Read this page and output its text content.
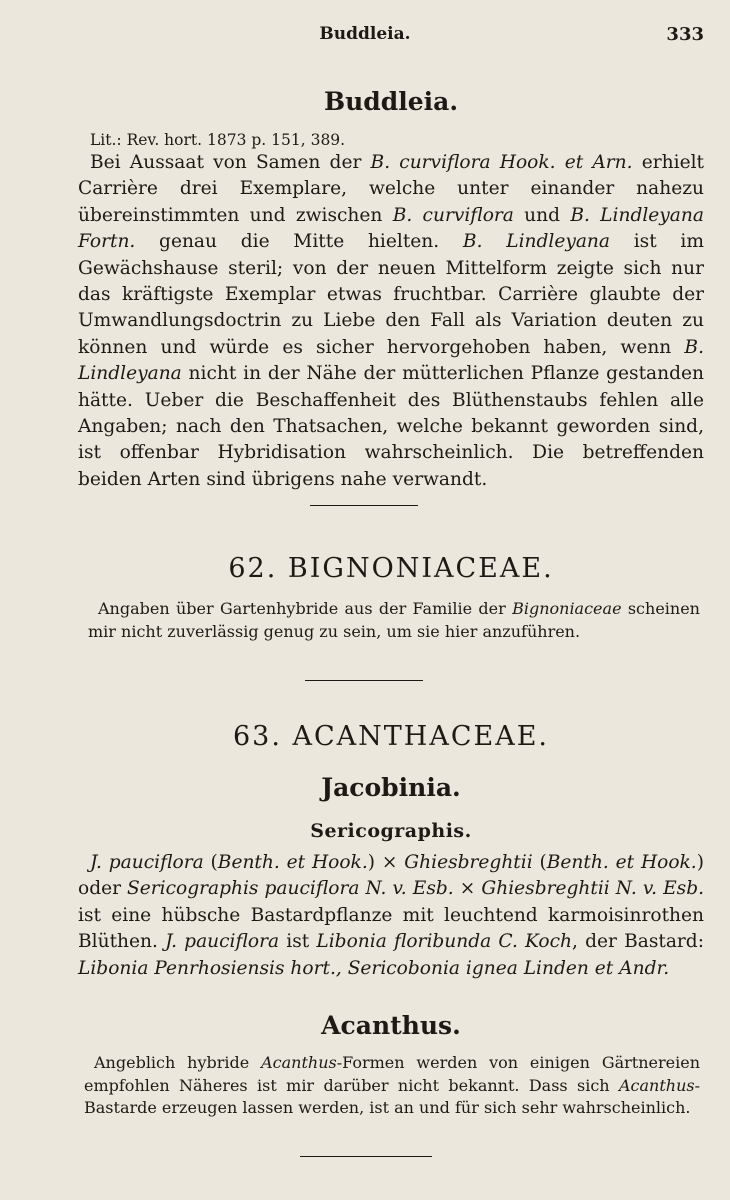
Buddleia.	333
Buddleia.
Lit.: Rev. hort. 1873 p. 151, 389.

Bei Aussaat von Samen der B. curviflora Hook. et Arn. erhielt Carrière drei Exemplare, welche unter einander nahezu übereinstimmten und zwischen B. curviflora und B. Lindleyana Fortn. genau die Mitte hielten. B. Lindleyana ist im Gewächshause steril; von der neuen Mittelform zeigte sich nur das kräftigste Exemplar etwas fruchtbar. Carrière glaubte der Umwandlungsdoctrin zu Liebe den Fall als Variation deuten zu können und würde es sicher hervorgehoben haben, wenn B. Lindleyana nicht in der Nähe der mütterlichen Pflanze gestanden hätte. Ueber die Beschaffenheit des Blüthenstaubs fehlen alle Angaben; nach den Thatsachen, welche bekannt geworden sind, ist offenbar Hybridisation wahrscheinlich. Die betreffenden beiden Arten sind übrigens nahe verwandt.

62. BIGNONIACEAE.

Angaben über Gartenhybride aus der Familie der Bignoniaceae scheinen mir nicht zuverlässig genug zu sein, um sie hier anzuführen.

63. ACANTHACEAE.
Jacobinia.
Sericographis.

J. pauciflora (Benth. et Hook.) × Ghiesbreghtii (Benth. et Hook.) oder Sericographis pauciflora N. v. Esb. × Ghiesbreghtii N. v. Esb. ist eine hübsche Bastardpflanze mit leuchtend karmoisinrothen Blüthen. J. pauciflora ist Libonia floribunda C. Koch, der Bastard: Libonia Penrhosiensis hort., Sericobonia ignea Linden et Andr.

Acanthus.

Angeblich hybride Acanthus-Formen werden von einigen Gärtnereien empfohlen Näheres ist mir darüber nicht bekannt. Dass sich Acanthus-Bastarde erzeugen lassen werden, ist an und für sich sehr wahrscheinlich.
